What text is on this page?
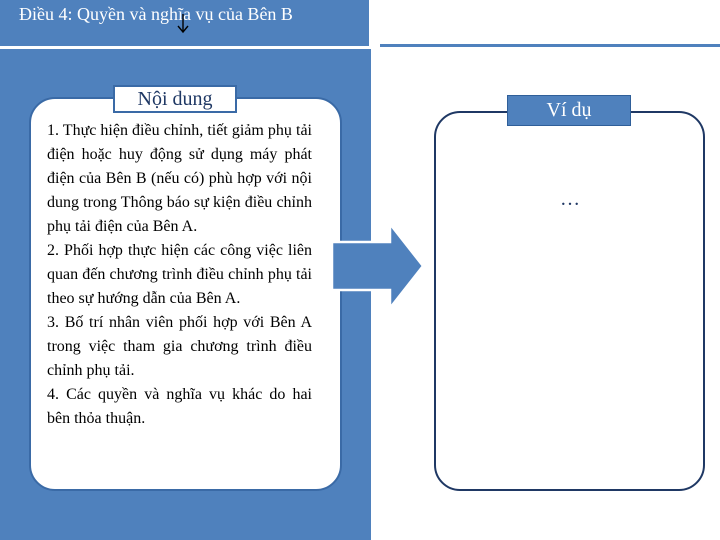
Điều 4: Quyền và nghĩa vụ của Bên B
Nội dung

1. Thực hiện điều chỉnh, tiết giảm phụ tải điện hoặc huy động sử dụng máy phát điện của Bên B (nếu có) phù hợp với nội dung trong Thông báo sự kiện điều chỉnh phụ tải điện của Bên A.

2. Phối hợp thực hiện các công việc liên quan đến chương trình điều chỉnh phụ tải theo sự hướng dẫn của Bên A.

3. Bố trí nhân viên phối hợp với Bên A trong việc tham gia chương trình điều chỉnh phụ tải.

4. Các quyền và nghĩa vụ khác do hai bên thỏa thuận.

Ví dụ
…
